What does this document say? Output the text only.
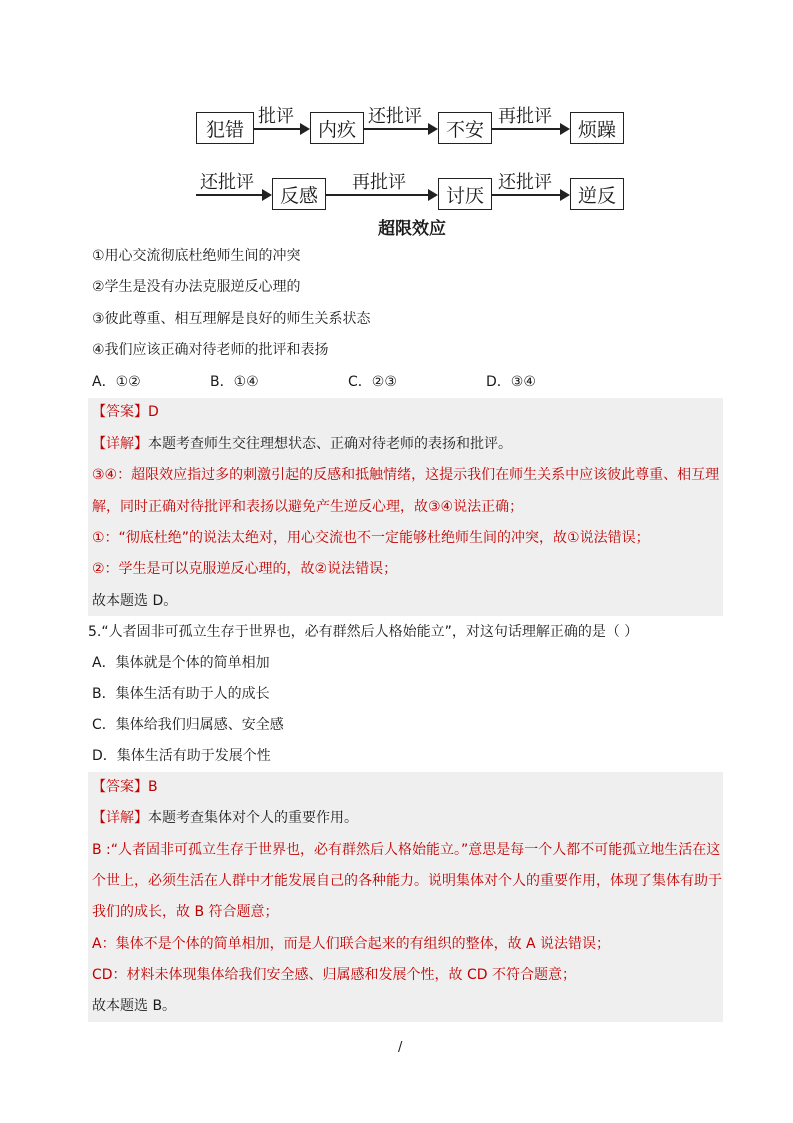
犯错
批评
内疚
还批评
不安
再批评
烦躁
还批评
反感
再批评
讨厌
还批评
逆反
超限效应
①用心交流彻底杜绝师生间的冲突
②学生是没有办法克服逆反心理的
③彼此尊重、相互理解是良好的师生关系状态
④我们应该正确对待老师的批评和表扬
A．①②	B．①④	C．②③	D．③④
【答案】D
【详解】本题考查师生交往理想状态、正确对待老师的表扬和批评。
③④：超限效应指过多的刺激引起的反感和抵触情绪，这提示我们在师生关系中应该彼此尊重、相互理
解，同时正确对待批评和表扬以避免产生逆反心理，故③④说法正确；
①：“彻底杜绝”的说法太绝对，用心交流也不一定能够杜绝师生间的冲突，故①说法错误；
②：学生是可以克服逆反心理的，故②说法错误；
故本题选 D。
5.“人者固非可孤立生存于世界也，必有群然后人格始能立”，对这句话理解正确的是（ ）
A．集体就是个体的简单相加
B．集体生活有助于人的成长
C．集体给我们归属感、安全感
D．集体生活有助于发展个性
【答案】B
【详解】本题考查集体对个人的重要作用。
B :“人者固非可孤立生存于世界也，必有群然后人格始能立。”意思是每一个人都不可能孤立地生活在这
个世上，必须生活在人群中才能发展自己的各种能力。说明集体对个人的重要作用，体现了集体有助于
我们的成长，故 B 符合题意；
A：集体不是个体的简单相加，而是人们联合起来的有组织的整体，故 A 说法错误；
CD：材料未体现集体给我们安全感、归属感和发展个性，故 CD 不符合题意；
故本题选 B。
/
